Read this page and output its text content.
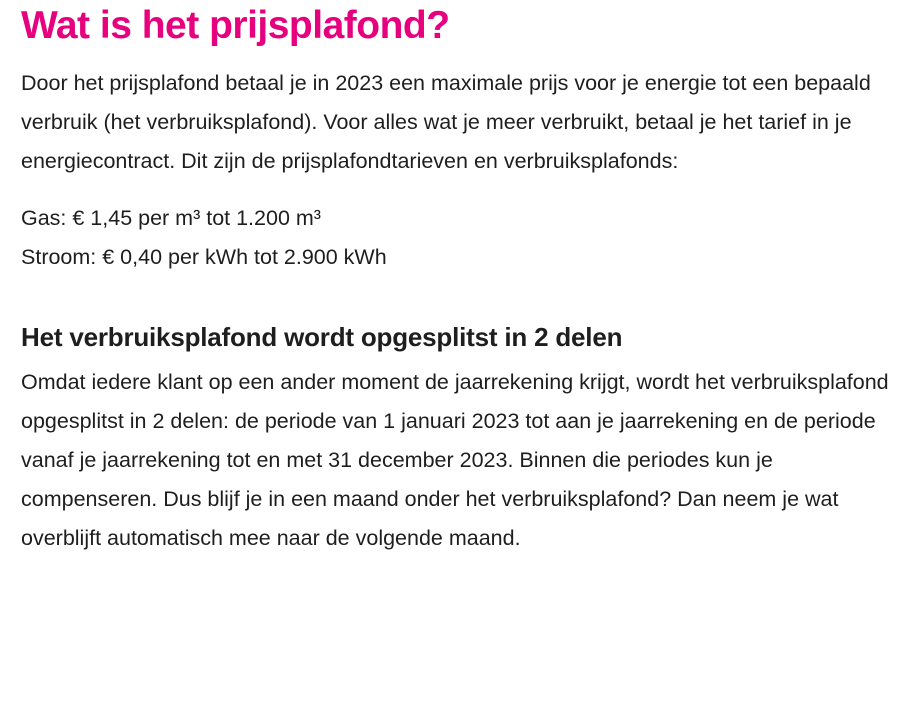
Wat is het prijsplafond?

Door het prijsplafond betaal je in 2023 een maximale prijs voor je energie tot een bepaald verbruik (het verbruiksplafond). Voor alles wat je meer verbruikt, betaal je het tarief in je energiecontract. Dit zijn de prijsplafondtarieven en verbruiksplafonds:

Gas: € 1,45 per m³ tot 1.200 m³
Stroom: € 0,40 per kWh tot 2.900 kWh

Het verbruiksplafond wordt opgesplitst in 2 delen

Omdat iedere klant op een ander moment de jaarrekening krijgt, wordt het verbruiksplafond opgesplitst in 2 delen: de periode van 1 januari 2023 tot aan je jaarrekening en de periode vanaf je jaarrekening tot en met 31 december 2023. Binnen die periodes kun je compenseren. Dus blijf je in een maand onder het verbruiksplafond? Dan neem je wat overblijft automatisch mee naar de volgende maand.
